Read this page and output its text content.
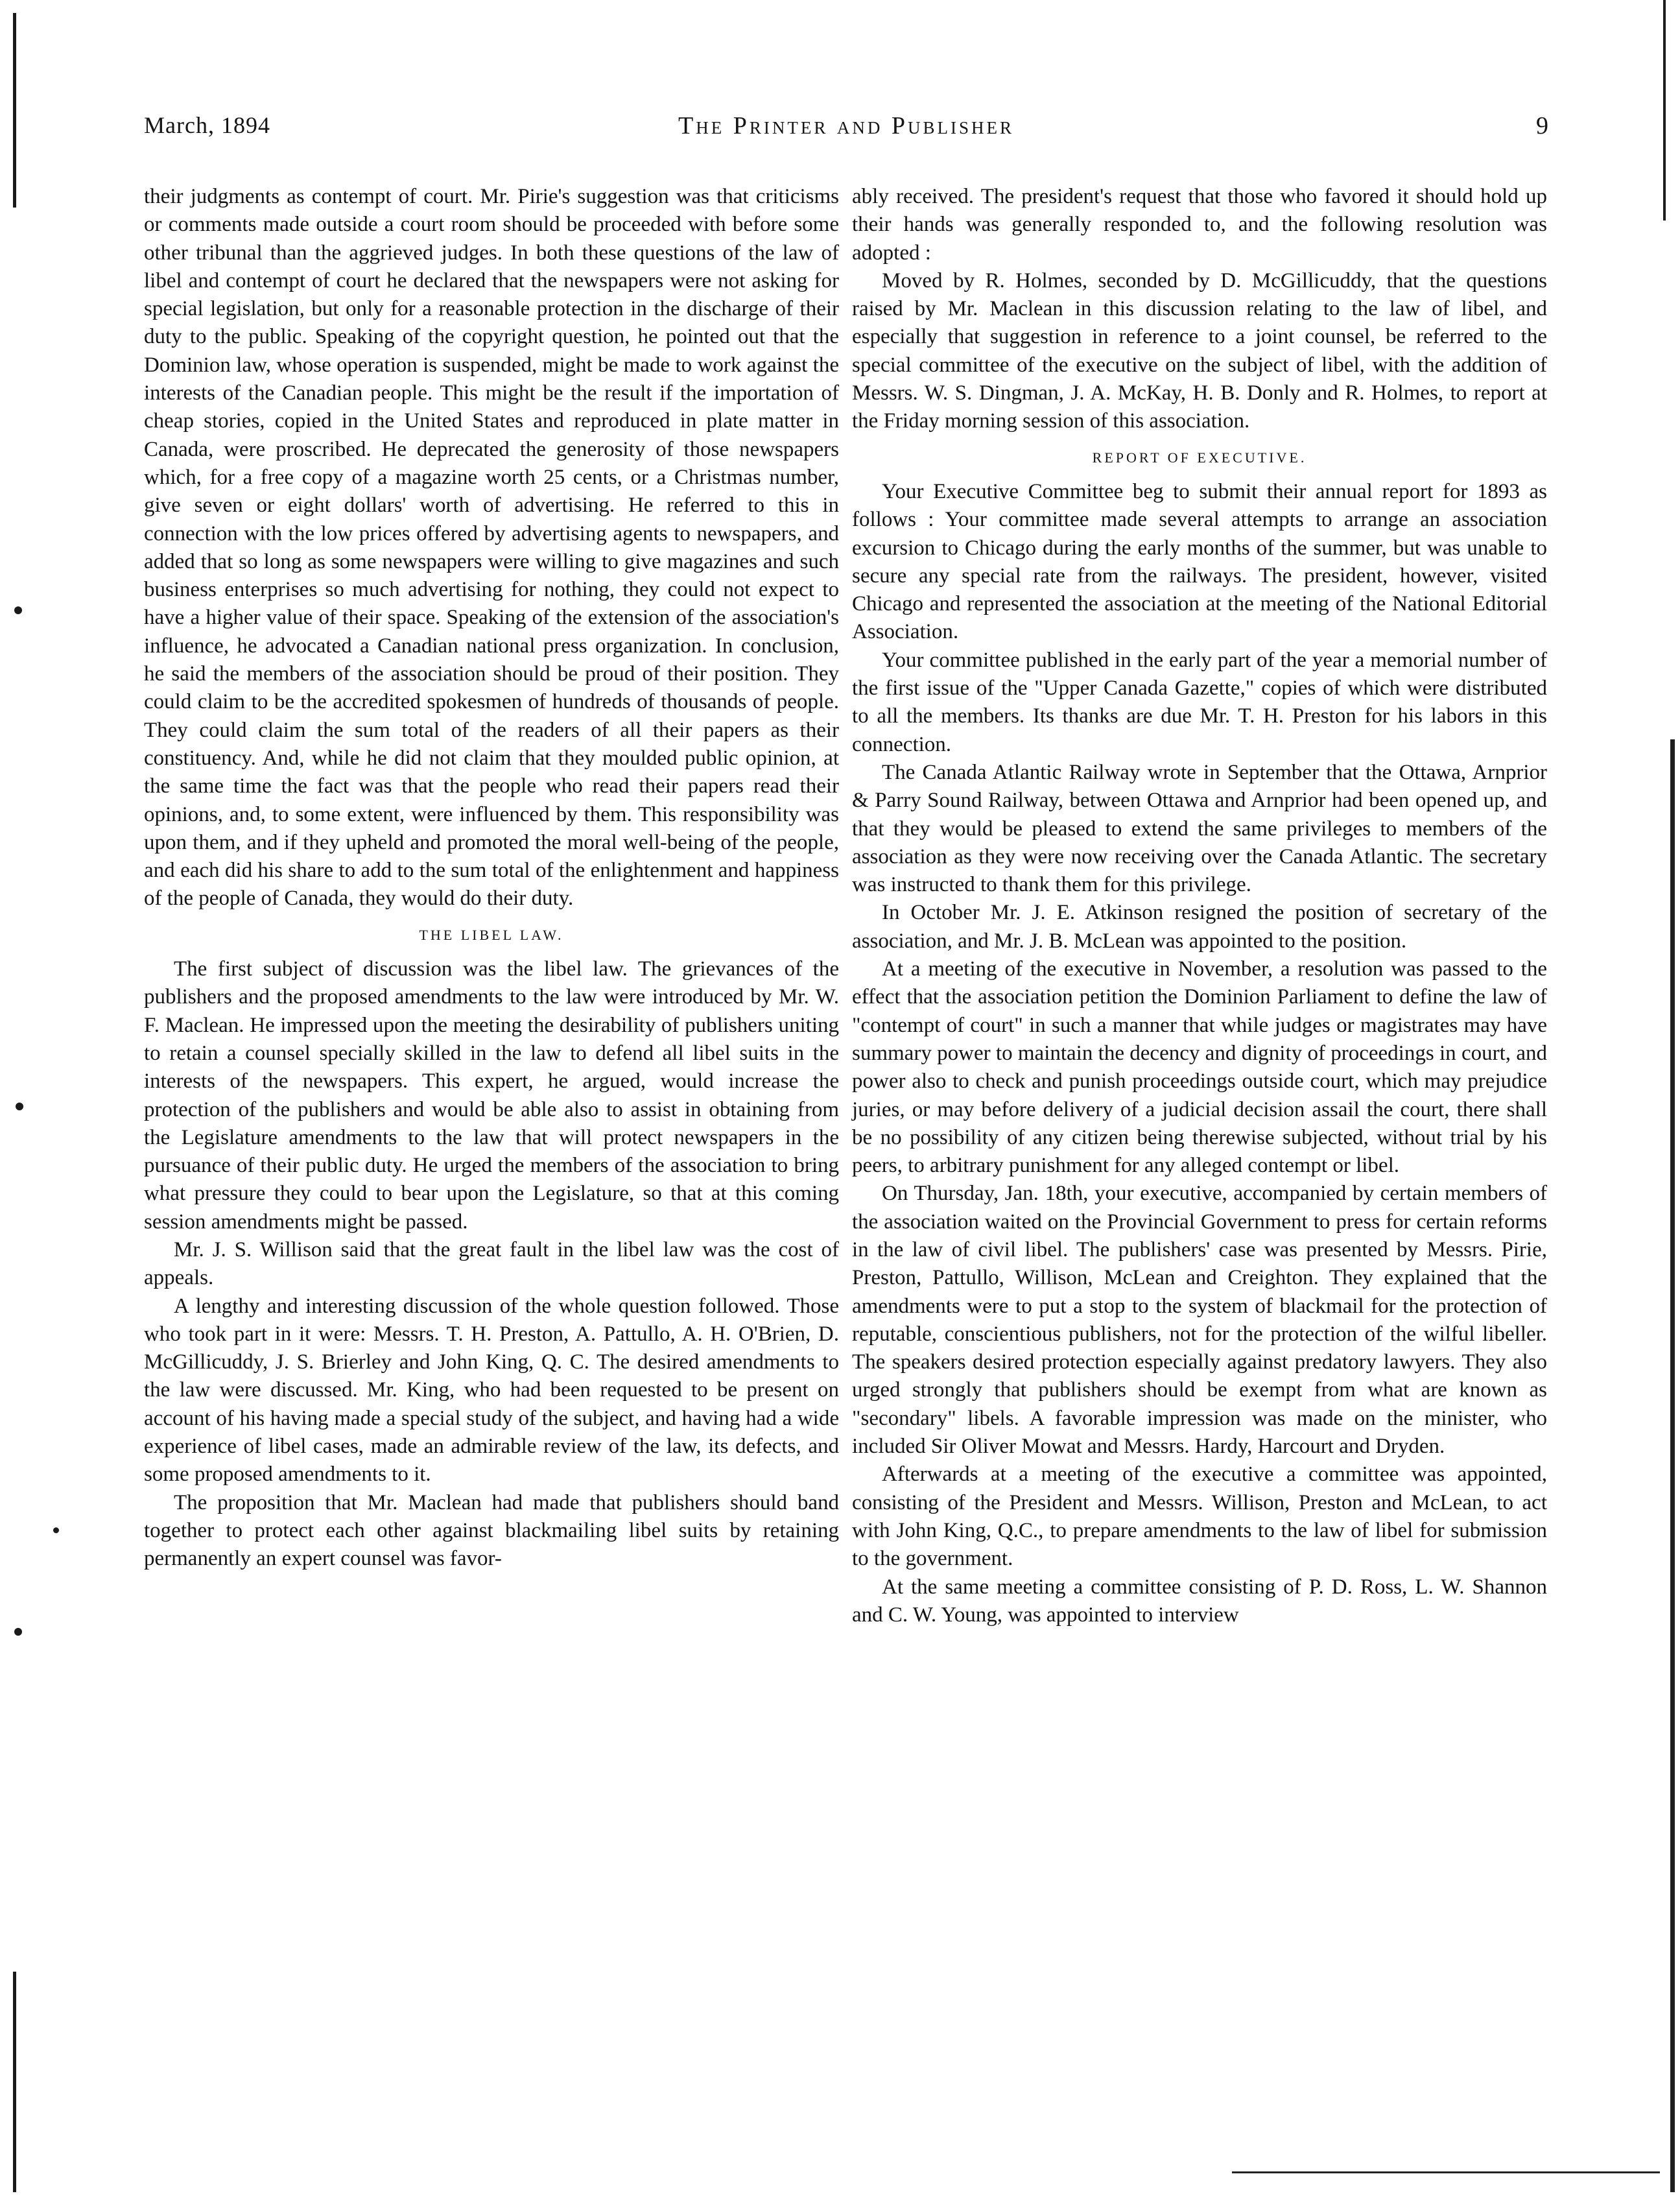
March, 1894	The Printer and Publisher	9

their judgments as contempt of court. Mr. Pirie's suggestion was that criticisms or comments made outside a court room should be proceeded with before some other tribunal than the aggrieved judges. In both these questions of the law of libel and contempt of court he declared that the newspapers were not asking for special legislation, but only for a reasonable protection in the discharge of their duty to the public. Speaking of the copyright question, he pointed out that the Dominion law, whose operation is suspended, might be made to work against the interests of the Canadian people. This might be the result if the importation of cheap stories, copied in the United States and reproduced in plate matter in Canada, were proscribed. He deprecated the generosity of those newspapers which, for a free copy of a magazine worth 25 cents, or a Christmas number, give seven or eight dollars' worth of advertising. He referred to this in connection with the low prices offered by advertising agents to newspapers, and added that so long as some newspapers were willing to give magazines and such business enterprises so much advertising for nothing, they could not expect to have a higher value of their space. Speaking of the extension of the association's influence, he advocated a Canadian national press organization. In conclusion, he said the members of the association should be proud of their position. They could claim to be the accredited spokesmen of hundreds of thousands of people. They could claim the sum total of the readers of all their papers as their constituency. And, while he did not claim that they moulded public opinion, at the same time the fact was that the people who read their papers read their opinions, and, to some extent, were influenced by them. This responsibility was upon them, and if they upheld and promoted the moral well-being of the people, and each did his share to add to the sum total of the enlightenment and happiness of the people of Canada, they would do their duty.

THE LIBEL LAW.

The first subject of discussion was the libel law. The grievances of the publishers and the proposed amendments to the law were introduced by Mr. W. F. Maclean. He impressed upon the meeting the desirability of publishers uniting to retain a counsel specially skilled in the law to defend all libel suits in the interests of the newspapers. This expert, he argued, would increase the protection of the publishers and would be able also to assist in obtaining from the Legislature amendments to the law that will protect newspapers in the pursuance of their public duty. He urged the members of the association to bring what pressure they could to bear upon the Legislature, so that at this coming session amendments might be passed.

Mr. J. S. Willison said that the great fault in the libel law was the cost of appeals.

A lengthy and interesting discussion of the whole question followed. Those who took part in it were: Messrs. T. H. Preston, A. Pattullo, A. H. O'Brien, D. McGillicuddy, J. S. Brierley and John King, Q. C. The desired amendments to the law were discussed. Mr. King, who had been requested to be present on account of his having made a special study of the subject, and having had a wide experience of libel cases, made an admirable review of the law, its defects, and some proposed amendments to it.

The proposition that Mr. Maclean had made that publishers should band together to protect each other against blackmailing libel suits by retaining permanently an expert counsel was favor-

ably received. The president's request that those who favored it should hold up their hands was generally responded to, and the following resolution was adopted :

Moved by R. Holmes, seconded by D. McGillicuddy, that the questions raised by Mr. Maclean in this discussion relating to the law of libel, and especially that suggestion in reference to a joint counsel, be referred to the special committee of the executive on the subject of libel, with the addition of Messrs. W. S. Dingman, J. A. McKay, H. B. Donly and R. Holmes, to report at the Friday morning session of this association.

REPORT OF EXECUTIVE.

Your Executive Committee beg to submit their annual report for 1893 as follows : Your committee made several attempts to arrange an association excursion to Chicago during the early months of the summer, but was unable to secure any special rate from the railways. The president, however, visited Chicago and represented the association at the meeting of the National Editorial Association.

Your committee published in the early part of the year a memorial number of the first issue of the "Upper Canada Gazette," copies of which were distributed to all the members. Its thanks are due Mr. T. H. Preston for his labors in this connection.

The Canada Atlantic Railway wrote in September that the Ottawa, Arnprior & Parry Sound Railway, between Ottawa and Arnprior had been opened up, and that they would be pleased to extend the same privileges to members of the association as they were now receiving over the Canada Atlantic. The secretary was instructed to thank them for this privilege.

In October Mr. J. E. Atkinson resigned the position of secretary of the association, and Mr. J. B. McLean was appointed to the position.

At a meeting of the executive in November, a resolution was passed to the effect that the association petition the Dominion Parliament to define the law of "contempt of court" in such a manner that while judges or magistrates may have summary power to maintain the decency and dignity of proceedings in court, and power also to check and punish proceedings outside court, which may prejudice juries, or may before delivery of a judicial decision assail the court, there shall be no possibility of any citizen being therewise subjected, without trial by his peers, to arbitrary punishment for any alleged contempt or libel.

On Thursday, Jan. 18th, your executive, accompanied by certain members of the association waited on the Provincial Government to press for certain reforms in the law of civil libel. The publishers' case was presented by Messrs. Pirie, Preston, Pattullo, Willison, McLean and Creighton. They explained that the amendments were to put a stop to the system of blackmail for the protection of reputable, conscientious publishers, not for the protection of the wilful libeller. The speakers desired protection especially against predatory lawyers. They also urged strongly that publishers should be exempt from what are known as "secondary" libels. A favorable impression was made on the minister, who included Sir Oliver Mowat and Messrs. Hardy, Harcourt and Dryden.

Afterwards at a meeting of the executive a committee was appointed, consisting of the President and Messrs. Willison, Preston and McLean, to act with John King, Q.C., to prepare amendments to the law of libel for submission to the government.

At the same meeting a committee consisting of P. D. Ross, L. W. Shannon and C. W. Young, was appointed to interview
